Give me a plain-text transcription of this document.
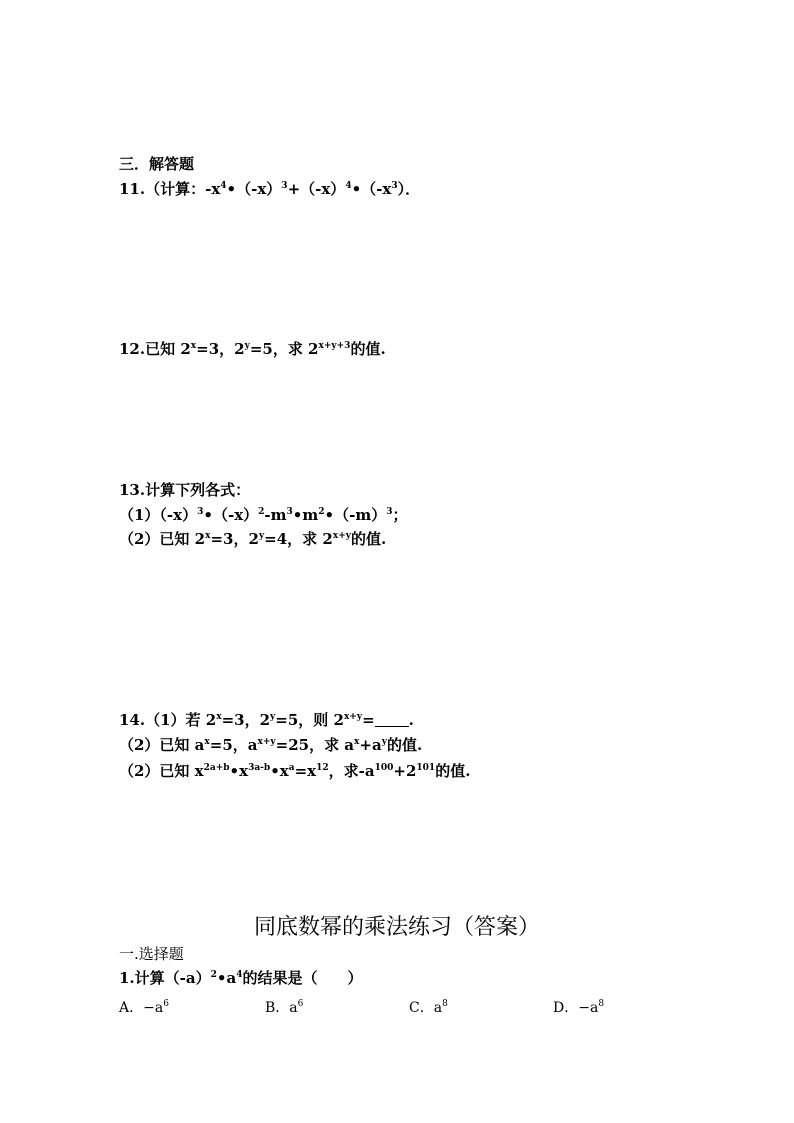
三．解答题
11.（计算：$-x^4•(-x)^3+(-x)^4•(-x^3)$．
12.已知 $2^x=3$，$2^y=5$，求 $2^{x+y+3}$的值.
13.计算下列各式：
$(1)(-x)^3•(-x)^2-m^3•m^2•(-m)^3$；
（2）已知 $2^x=3$，$2^y=4$，求 $2^{x+y}$的值.
14.（1）若 $2^x=3$，$2^y=5$，则 $2^{x+y}=$ .
（2）已知 $a^x=5$，$a^{x+y}=25$，求 $a^x+a^y$的值.
（2）已知 $x^{2a+b}•x^{3a-b}•x^a=x^{12}$，求$-a^{100}+2^{101}$的值.
同底数幂的乘法练习（答案）
一.选择题
1.计算$(-a)^2•a^4$的结果是（　　）
A．$-a^6$	B．$a^6$	C．$a^8$	D．$-a^8$
